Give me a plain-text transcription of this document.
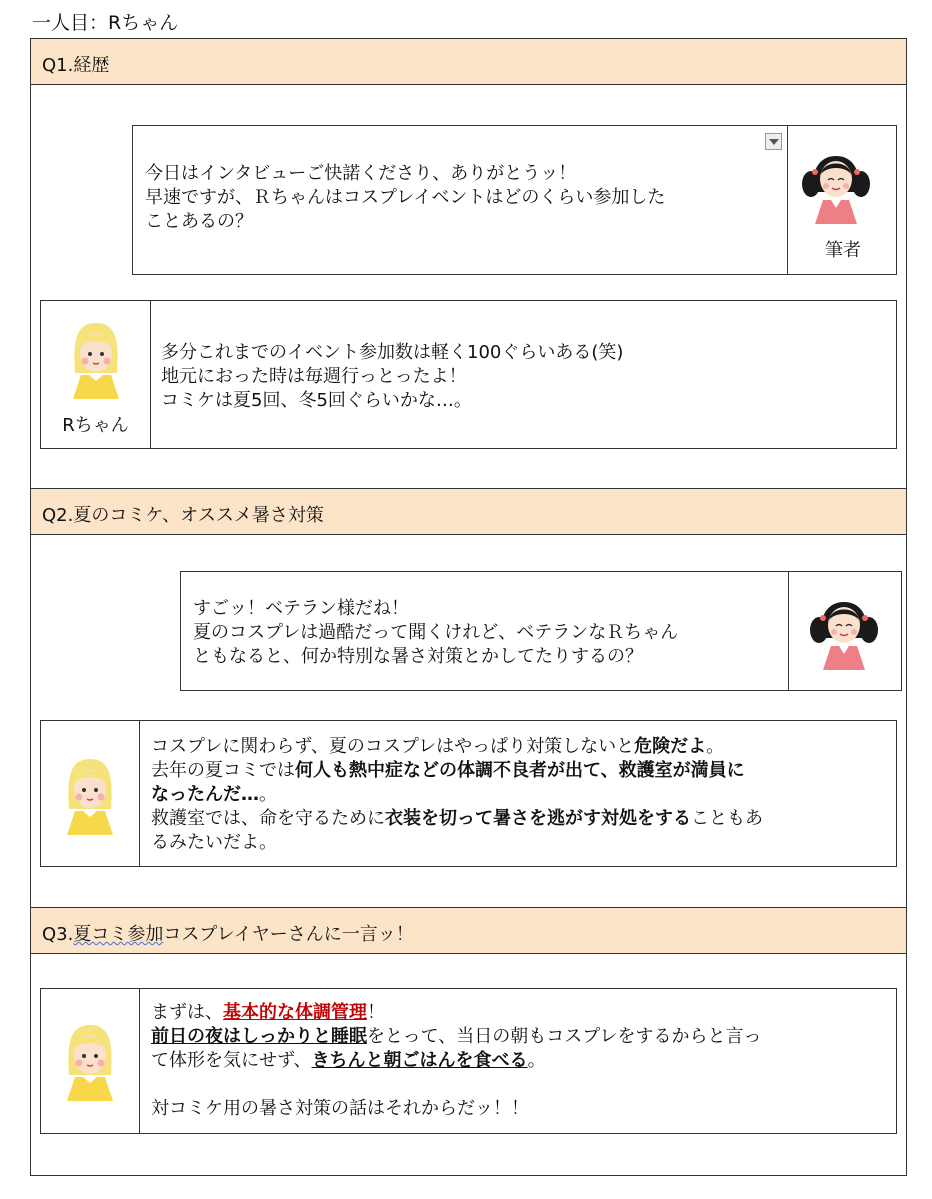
一人目：Rちゃん
Q1.経歴
今日はインタビューご快諾くださり、ありがとうッ！
早速ですが、Ｒちゃんはコスプレイベントはどのくらい参加した
ことあるの？
筆者
Rちゃん
多分これまでのイベント参加数は軽く100ぐらいある(笑)
地元におった時は毎週行っとったよ！
コミケは夏5回、冬5回ぐらいかな…。
Q2.夏のコミケ、オススメ暑さ対策
すごッ！ベテラン様だね！
夏のコスプレは過酷だって聞くけれど、ベテランなＲちゃん
ともなると、何か特別な暑さ対策とかしてたりするの？
コスプレに関わらず、夏のコスプレはやっぱり対策しないと危険だよ。
去年の夏コミでは何人も熱中症などの体調不良者が出て、救護室が満員に
なったんだ…。
救護室では、命を守るために衣装を切って暑さを逃がす対処をすることもあ
るみたいだよ。
Q3.夏コミ参加コスプレイヤーさんに一言ッ！
まずは、基本的な体調管理！
前日の夜はしっかりと睡眠をとって、当日の朝もコスプレをするからと言っ
て体形を気にせず、きちんと朝ごはんを食べる。

対コミケ用の暑さ対策の話はそれからだッ！！
